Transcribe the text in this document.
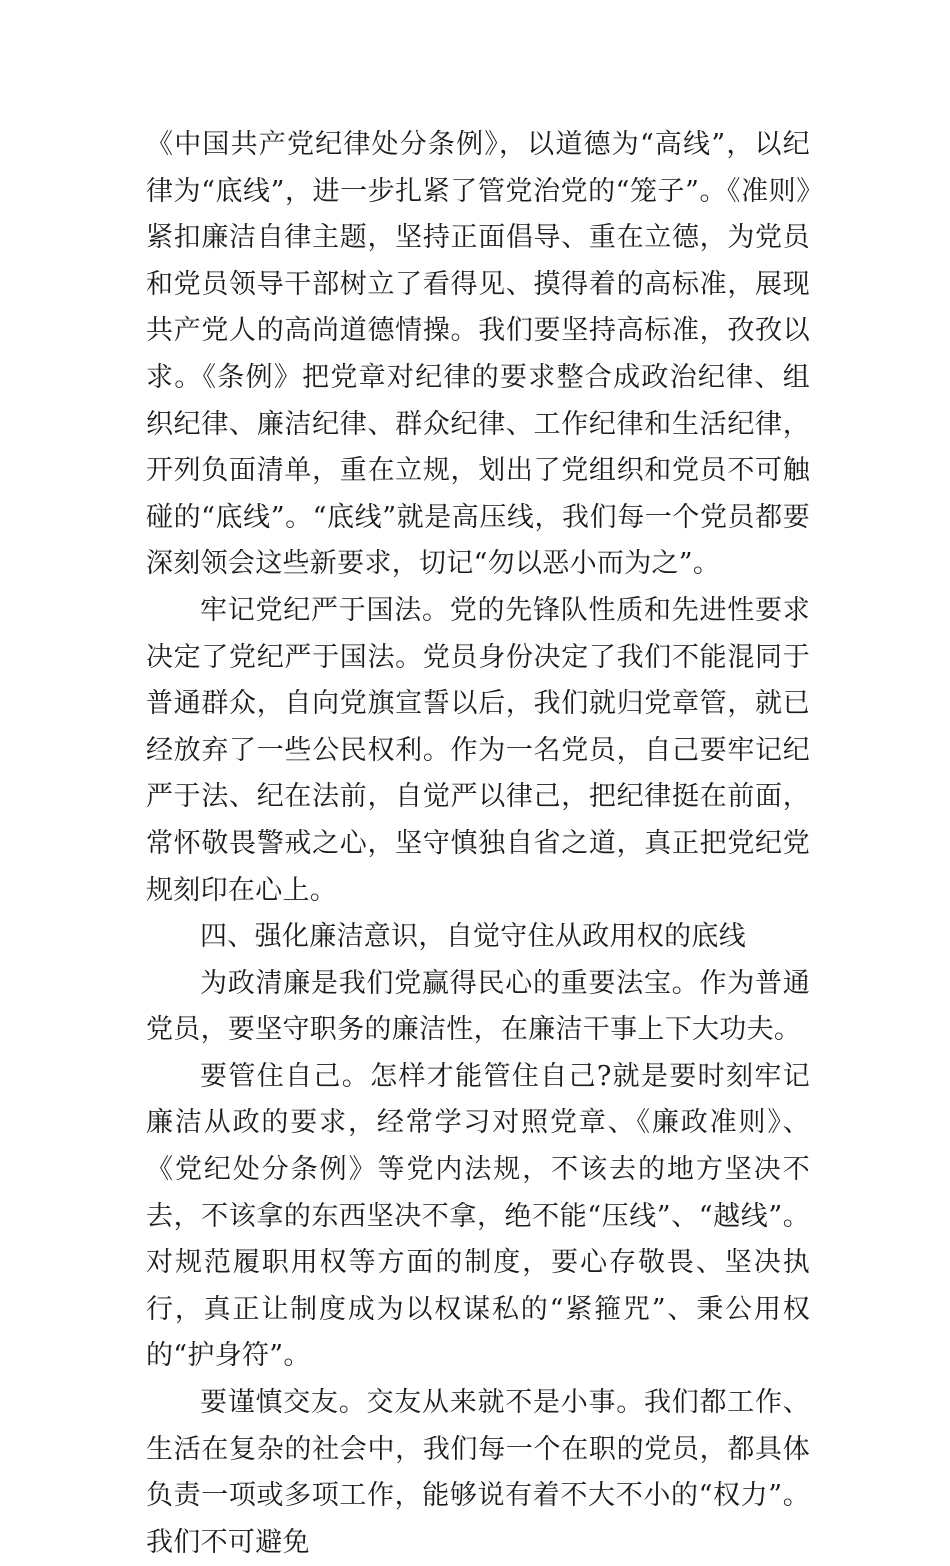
《中国共产党纪律处分条例》，以道德为“高线”，以纪律为“底线”，进一步扎紧了管党治党的“笼子”。《准则》紧扣廉洁自律主题，坚持正面倡导、重在立德，为党员和党员领导干部树立了看得见、摸得着的高标准，展现共产党人的高尚道德情操。我们要坚持高标准，孜孜以求。《条例》把党章对纪律的要求整合成政治纪律、组织纪律、廉洁纪律、群众纪律、工作纪律和生活纪律，开列负面清单，重在立规，划出了党组织和党员不可触碰的“底线”。“底线”就是高压线，我们每一个党员都要深刻领会这些新要求，切记“勿以恶小而为之”。

牢记党纪严于国法。党的先锋队性质和先进性要求决定了党纪严于国法。党员身份决定了我们不能混同于普通群众，自向党旗宣誓以后，我们就归党章管，就已经放弃了一些公民权利。作为一名党员，自己要牢记纪严于法、纪在法前，自觉严以律己，把纪律挺在前面，常怀敬畏警戒之心，坚守慎独自省之道，真正把党纪党规刻印在心上。

四、强化廉洁意识，自觉守住从政用权的底线

为政清廉是我们党赢得民心的重要法宝。作为普通党员，要坚守职务的廉洁性，在廉洁干事上下大功夫。

要管住自己。怎样才能管住自己?就是要时刻牢记廉洁从政的要求，经常学习对照党章、《廉政准则》、《党纪处分条例》等党内法规，不该去的地方坚决不去，不该拿的东西坚决不拿，绝不能“压线”、“越线”。对规范履职用权等方面的制度，要心存敬畏、坚决执行，真正让制度成为以权谋私的“紧箍咒”、秉公用权的“护身符”。

要谨慎交友。交友从来就不是小事。我们都工作、生活在复杂的社会中，我们每一个在职的党员，都具体负责一项或多项工作，能够说有着不大不小的“权力”。我们不可避免
